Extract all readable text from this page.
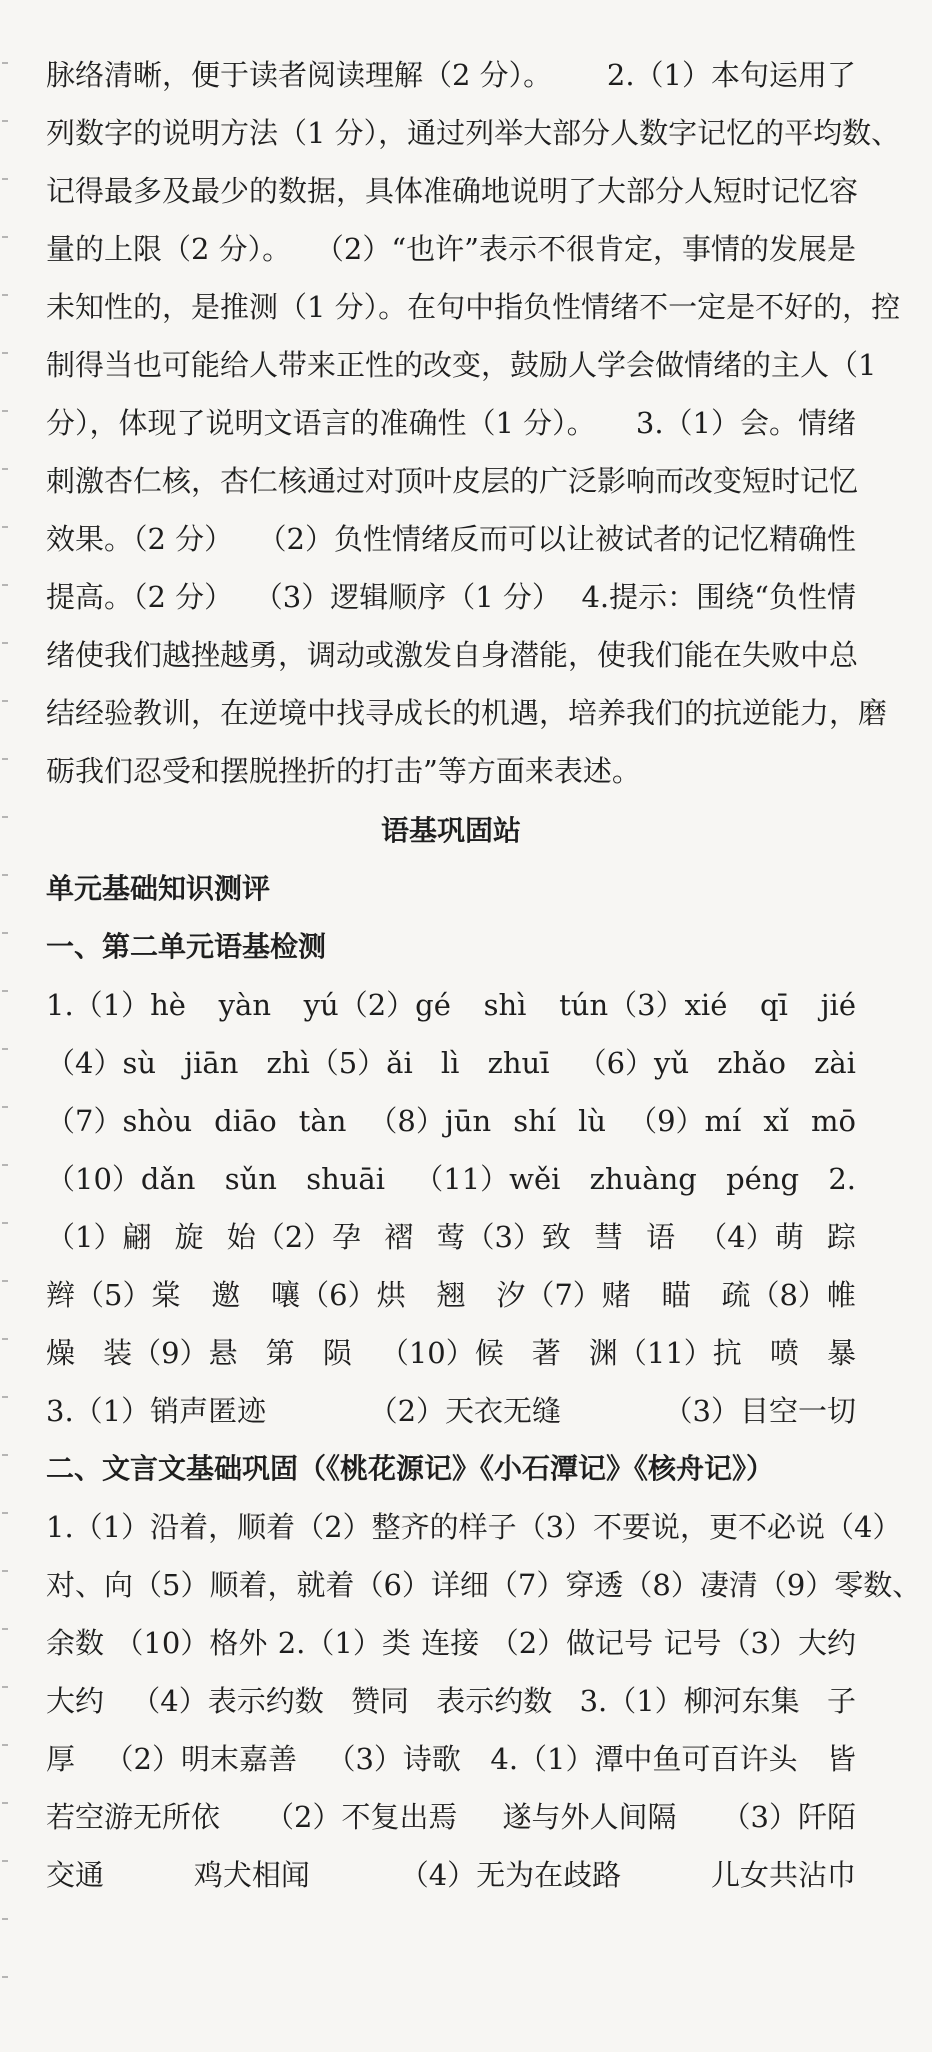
脉络清晰，便于读者阅读理解（2 分）。 2.（1）本句运用了
列数字的说明方法（1 分），通过列举大部分人数字记忆的平均数、
记得最多及最少的数据，具体准确地说明了大部分人短时记忆容
量的上限（2 分）。 （2）“也许”表示不很肯定，事情的发展是
未知性的，是推测（1 分）。在句中指负性情绪不一定是不好的，控
制得当也可能给人带来正性的改变，鼓励人学会做情绪的主人（1
分），体现了说明文语言的准确性（1 分）。 3.（1）会。情绪
刺激杏仁核，杏仁核通过对顶叶皮层的广泛影响而改变短时记忆
效果。（2 分） （2）负性情绪反而可以让被试者的记忆精确性
提高。（2 分） （3）逻辑顺序（1 分） 4.提示：围绕“负性情
绪使我们越挫越勇，调动或激发自身潜能，使我们能在失败中总
结经验教训，在逆境中找寻成长的机遇，培养我们的抗逆能力，磨
砺我们忍受和摆脱挫折的打击”等方面来表述。
语基巩固站
单元基础知识测评
一、第二单元语基检测
1.（1）hè yàn yú（2）gé shì tún（3）xié qī jié
（4）sù jiān zhì（5）ǎi lì zhuī （6）yǔ zhǎo zài
（7）shòu diāo tàn （8）jūn shí lù （9）mí xǐ mō
（10）dǎn sǔn shuāi （11）wěi zhuàng péng 2.
（1）翩 旋 始（2）孕 褶 莺（3）致 彗 语 （4）萌 踪
辫（5）棠 邀 嚷（6）烘 翘 汐（7）赌 瞄 疏（8）帷
燥 装（9）悬 第 陨 （10）候 著 渊（11）抗 喷 暴
3.（1）销声匿迹	（2）天衣无缝	（3）目空一切
二、文言文基础巩固（《桃花源记》《小石潭记》《核舟记》）
1.（1）沿着，顺着 （2）整齐的样子 （3）不要说，更不必说 （4）
对、向 （5）顺着，就着 （6）详细 （7）穿透 （8）凄清 （9）零数、
余数 （10）格外 2.（1）类 连接 （2）做记号 记号（3）大约
大约 （4）表示约数 赞同 表示约数 3.（1）柳河东集 子
厚 （2）明末嘉善 （3）诗歌 4.（1）潭中鱼可百许头 皆
若空游无所依 （2）不复出焉 遂与外人间隔 （3）阡陌
交通	鸡犬相闻	（4）无为在歧路	儿女共沾巾
